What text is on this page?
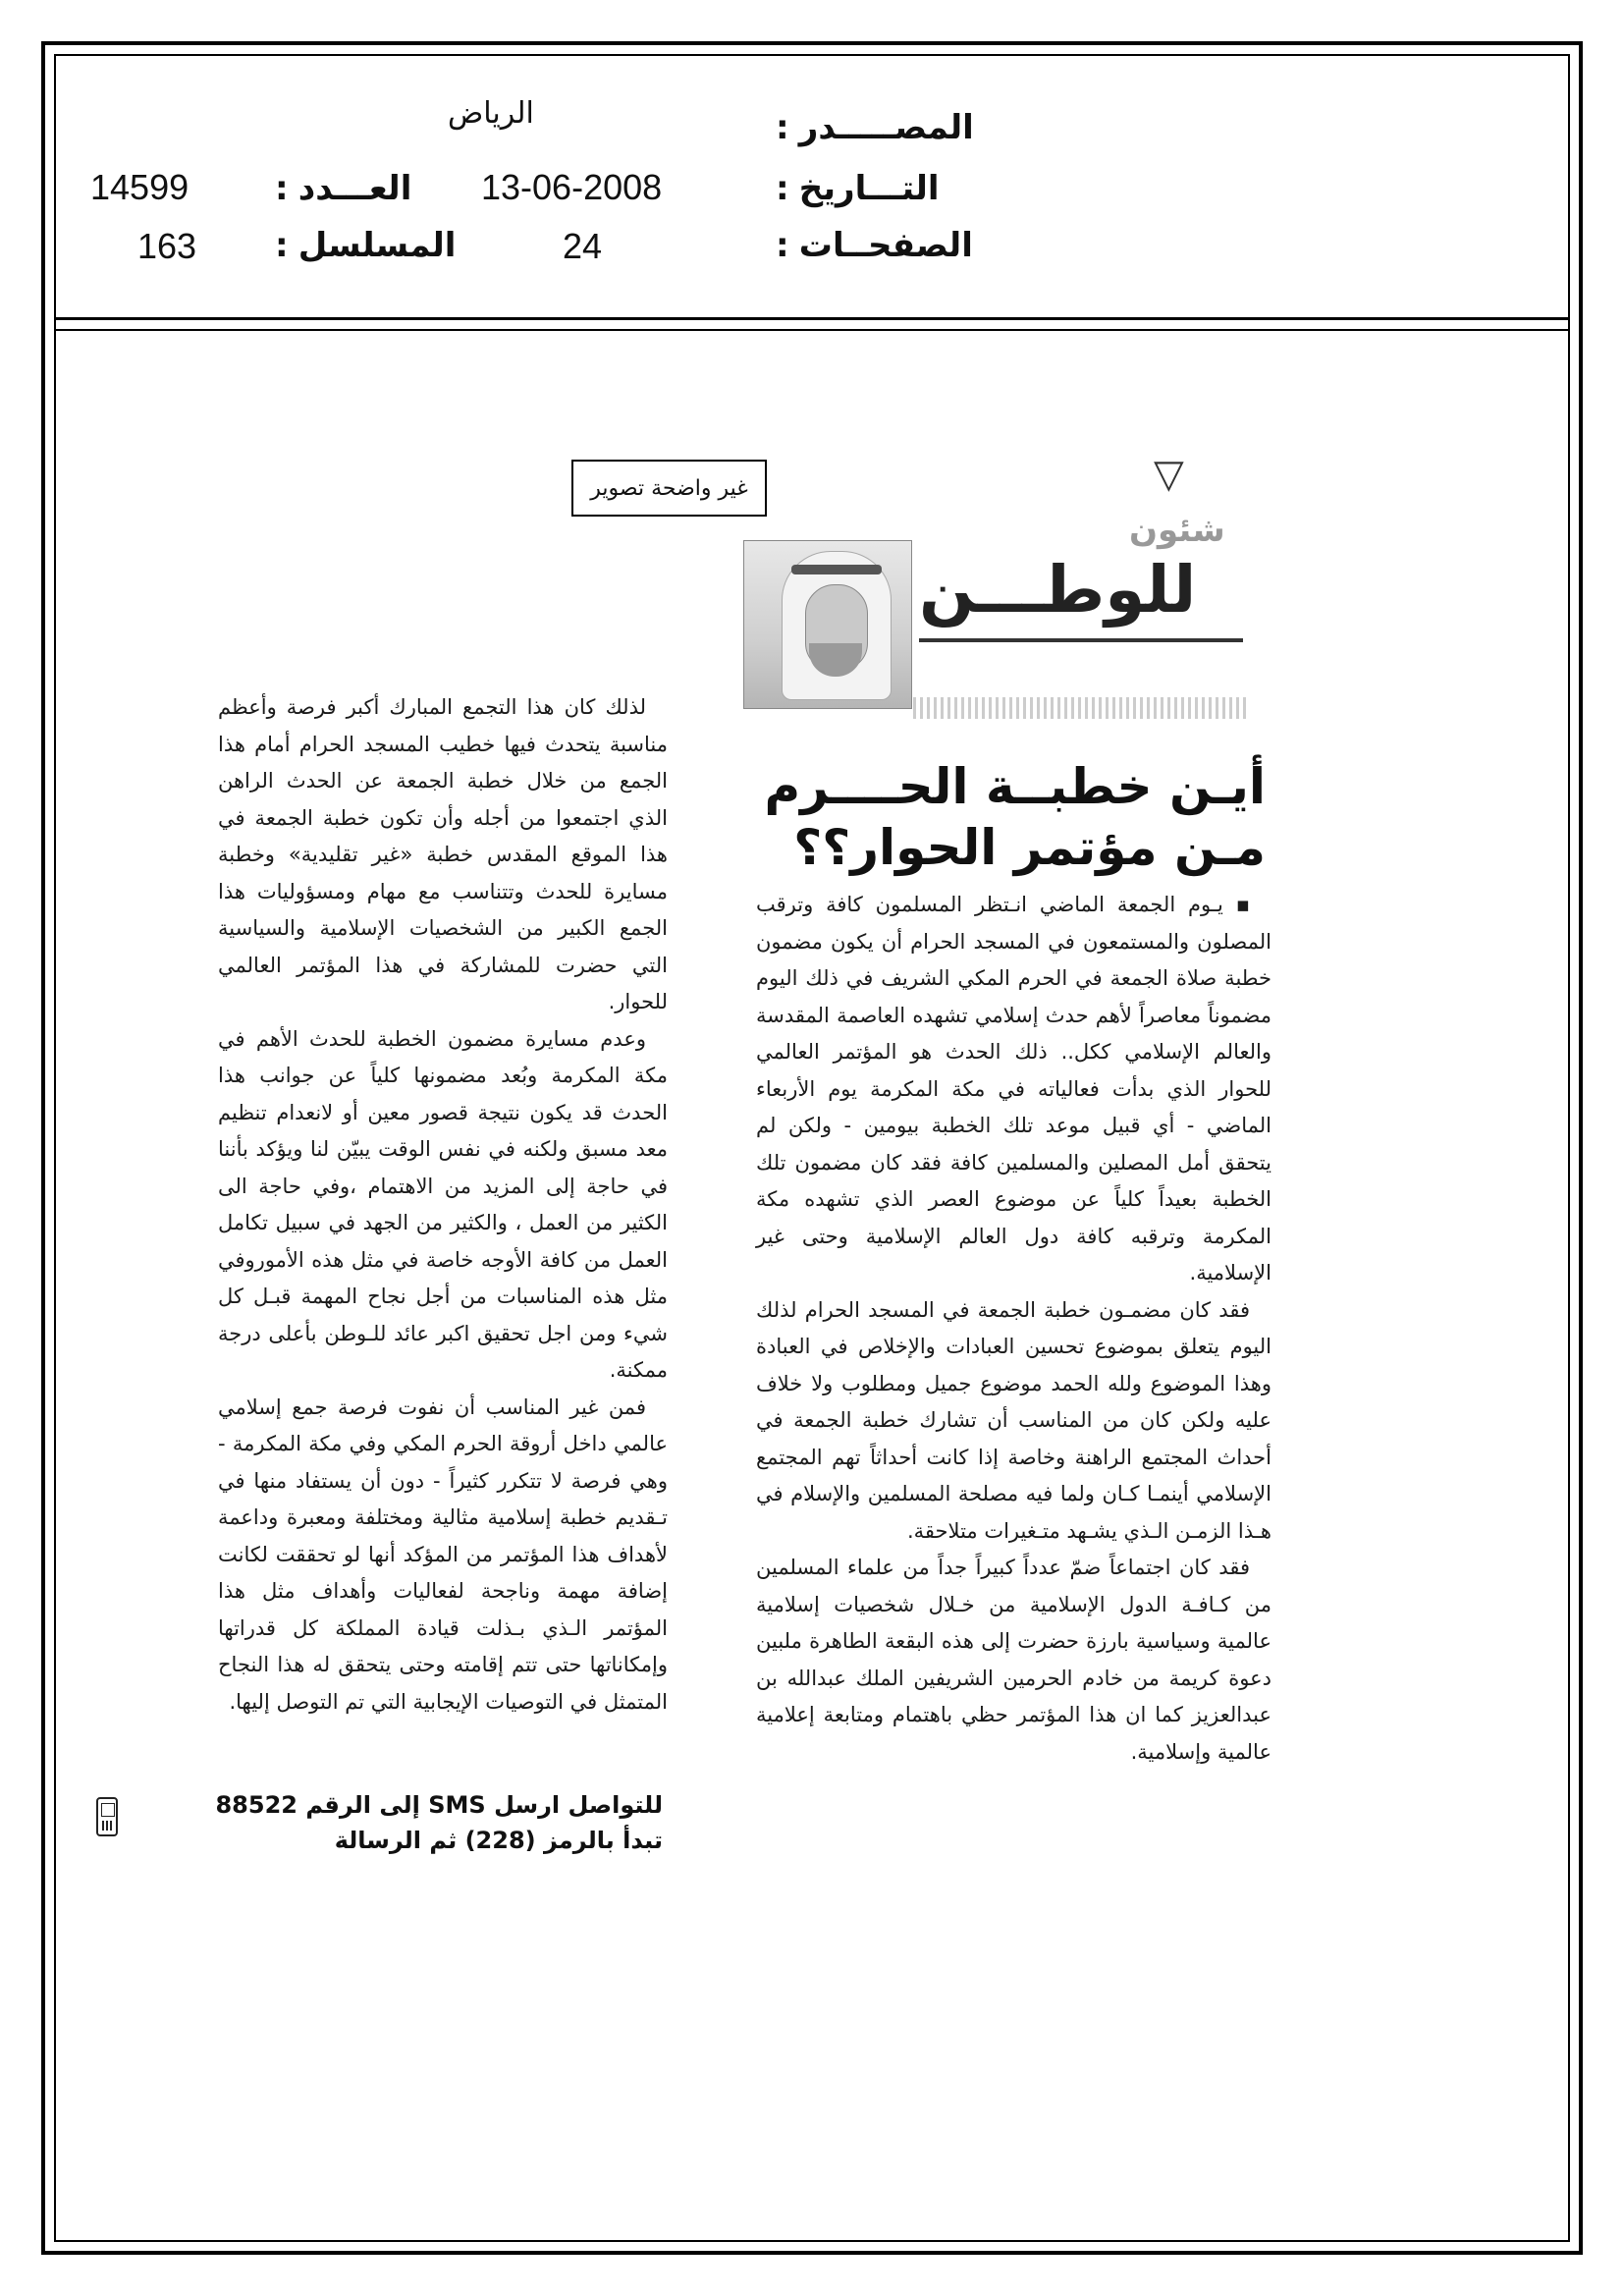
المصـــــدر :
الرياض
التـــاريخ :
13-06-2008
الصفحــات :
24
العـــدد :
14599
المسلسل :
163
غير واضحة تصوير	▽
شئون
للوطـــن
أيـن خطبــة الحــــرم
مـن مؤتمر الحوار؟؟

▪ يـوم الجمعة الماضي انـتظر المسلمون كافة وترقب المصلون والمستمعون في المسجد الحرام أن يكون مضمون خطبة صلاة الجمعة في الحرم المكي الشريف في ذلك اليوم مضموناً معاصراً لأهم حدث إسلامي تشهده العاصمة المقدسة والعالم الإسلامي ككل.. ذلك الحدث هو المؤتمر العالمي للحوار الذي بدأت فعالياته في مكة المكرمة يوم الأربعاء الماضي - أي قبيل موعد تلك الخطبة بيومين - ولكن لم يتحقق أمل المصلين والمسلمين كافة فقد كان مضمون تلك الخطبة بعيداً كلياً عن موضوع العصر الذي تشهده مكة المكرمة وترقبه كافة دول العالم الإسلامية وحتى غير الإسلامية.

فقد كان مضمـون خطبة الجمعة في المسجد الحرام لذلك اليوم يتعلق بموضوع تحسين العبادات والإخلاص في العبادة وهذا الموضوع ولله الحمد موضوع جميل ومطلوب ولا خلاف عليه ولكن كان من المناسب أن تشارك خطبة الجمعة في أحداث المجتمع الراهنة وخاصة إذا كانت أحداثاً تهم المجتمع الإسلامي أينمـا كـان ولما فيه مصلحة المسلمين والإسلام في هـذا الزمـن الـذي يشـهد متـغيرات متلاحقة.

فقد كان اجتماعاً ضمّ عدداً كبيراً جداً من علماء المسلمين من كـافـة الدول الإسلامية من خـلال شخصيات إسلامية عالمية وسياسية بارزة حضرت إلى هذه البقعة الطاهرة ملبين دعوة كريمة من خادم الحرمين الشريفين الملك عبدالله بن عبدالعزيز كما ان هذا المؤتمر حظي باهتمام ومتابعة إعلامية عالمية وإسلامية.

لذلك كان هذا التجمع المبارك أكبر فرصة وأعظم مناسبة يتحدث فيها خطيب المسجد الحرام أمام هذا الجمع من خلال خطبة الجمعة عن الحدث الراهن الذي اجتمعوا من أجله وأن تكون خطبة الجمعة في هذا الموقع المقدس خطبة «غير تقليدية» وخطبة مسايرة للحدث وتتناسب مع مهام ومسؤوليات هذا الجمع الكبير من الشخصيات الإسلامية والسياسية التي حضرت للمشاركة في هذا المؤتمر العالمي للحوار.

وعدم مسايرة مضمون الخطبة للحدث الأهم في مكة المكرمة وبُعد مضمونها كلياً عن جوانب هذا الحدث قد يكون نتيجة قصور معين أو لانعدام تنظيم معد مسبق ولكنه في نفس الوقت يبيّن لنا ويؤكد بأننا في حاجة إلى المزيد من الاهتمام ،وفي حاجة الى الكثير من العمل ، والكثير من الجهد في سبيل تكامل العمل من كافة الأوجه خاصة في مثل هذه الأموروفي مثل هذه المناسبات من أجل نجاح المهمة قبـل كل شيء ومن اجل تحقيق اكبر عائد للـوطن بأعلى درجة ممكنة.

فمن غير المناسب أن نفوت فرصة جمع إسلامي عالمي داخل أروقة الحرم المكي وفي مكة المكرمة - وهي فرصة لا تتكرر كثيراً - دون أن يستفاد منها في تـقديم خطبة إسلامية مثالية ومختلفة ومعبرة وداعمة لأهداف هذا المؤتمر من المؤكد أنها لو تحققت لكانت إضافة مهمة وناجحة لفعاليات وأهداف مثل هذا المؤتمر الـذي بـذلت قيادة المملكة كل قدراتها وإمكاناتها حتى تتم إقامته وحتى يتحقق له هذا النجاح المتمثل في التوصيات الإيجابية التي تم التوصل إليها.

للتواصل ارسل SMS إلى الرقم 88522
تبدأ بالرمز (228) ثم الرسالة
